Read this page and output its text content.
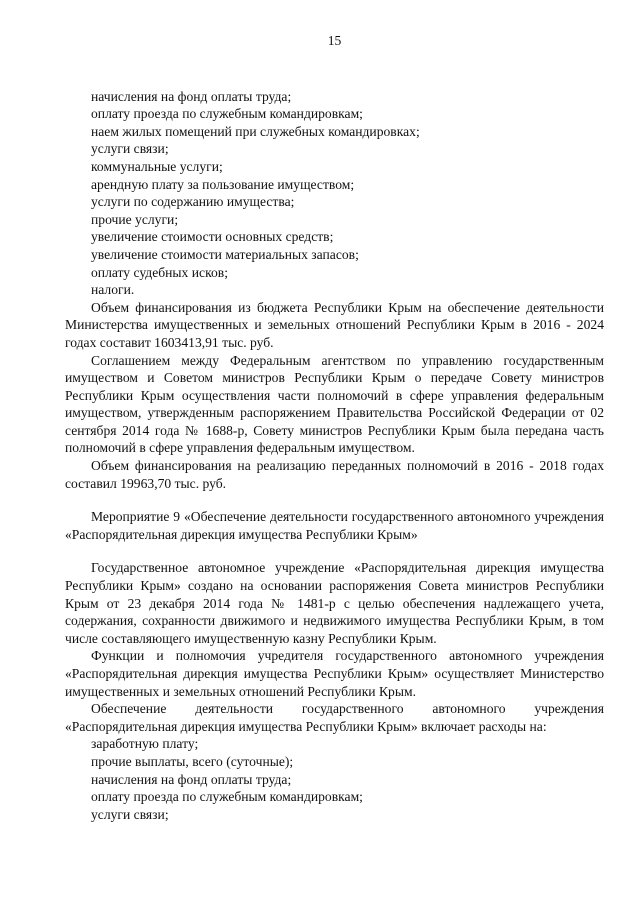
15

начисления на фонд оплаты труда;

оплату проезда по служебным командировкам;

наем жилых помещений при служебных командировках;

услуги связи;

коммунальные услуги;

арендную плату за пользование имуществом;

услуги по содержанию имущества;

прочие услуги;

увеличение стоимости основных средств;

увеличение стоимости материальных запасов;

оплату судебных исков;

налоги.

Объем финансирования из бюджета Республики Крым на обеспечение деятельности Министерства имущественных и земельных отношений Республики Крым в 2016 - 2024 годах составит 1603413,91 тыс. руб.

Соглашением между Федеральным агентством по управлению государственным имуществом и Советом министров Республики Крым о передаче Совету министров Республики Крым осуществления части полномочий в сфере управления федеральным имуществом, утвержденным распоряжением Правительства Российской Федерации от 02 сентября 2014 года № 1688-р, Совету министров Республики Крым была передана часть полномочий в сфере управления федеральным имуществом.

Объем финансирования на реализацию переданных полномочий в 2016 - 2018 годах составил 19963,70 тыс. руб.

Мероприятие 9 «Обеспечение деятельности государственного автономного учреждения «Распорядительная дирекция имущества Республики Крым»

Государственное автономное учреждение «Распорядительная дирекция имущества Республики Крым» создано на основании распоряжения Совета министров Республики Крым от 23 декабря 2014 года № 1481-р с целью обеспечения надлежащего учета, содержания, сохранности движимого и недвижимого имущества Республики Крым, в том числе составляющего имущественную казну Республики Крым.

Функции и полномочия учредителя государственного автономного учреждения «Распорядительная дирекция имущества Республики Крым» осуществляет Министерство имущественных и земельных отношений Республики Крым.

Обеспечение деятельности государственного автономного учреждения «Распорядительная дирекция имущества Республики Крым» включает расходы на:

заработную плату;

прочие выплаты, всего (суточные);

начисления на фонд оплаты труда;

оплату проезда по служебным командировкам;

услуги связи;
